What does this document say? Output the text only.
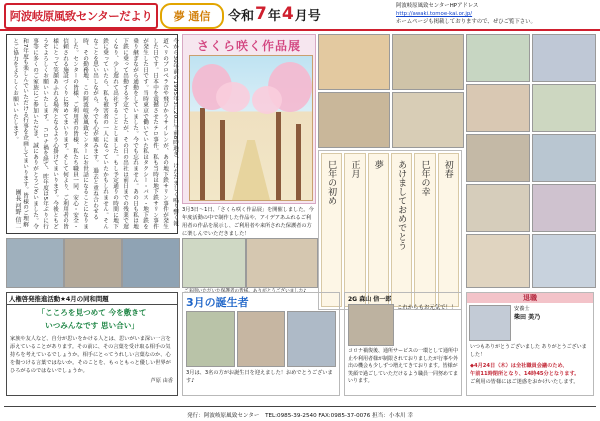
阿波岐原風致センターだより	夢 通信	令和 7 年 4 月号
阿波岐原風致センターHPアドレス
http://awaki.tomoe-kai.or.jp/
ホームページも掲載しておりますので、ぜひご覧下さい。
今から30年前の1995年3月20日午前8時過ぎ、けたたましく鳴り響く報道ヘリのプロペラ音や飛びかうサイレンが、あの地下鉄サリン事件が発生した日です。日本中を震撼させたテロ事件。私も当時は地下鉄サリン事件が発生した日です。当時東京で働いていた私はタクシー・バス・地下鉄を乗り継ぎながら通勤をしていました。今でも忘れません。あの日も私は地下鉄に乗って出勤する予定でしたが、その日の出社は前日までの残業で遅くなり、少し遅れて出社することとしました。もし予定通りの時間に地下鉄に乗っていたら、私も被害者の一人になっていたかもしれません。そんなことを思い出しながら、今でも心が痛みます。 過去と重ね合わせる時、その勤務地、この阿波岐原風致センターにお世話になることになりました。センターの皆様、ご利用者の皆様、私たち職員一同、安心・安全・信頼される施設づくりに努めてまいります。そして何より、ご利用者の皆様にとって笑顔あふれる場所となるよう心掛けてまいります。今後ともどうぞよろしくお願いいたします。 コロナ禍を経て、昨年度は5年ぶりに行事等に多くのご家族にご参加いただき、誠にありがとうございました。令和7年度も楽しんでいただける行事を企画してまいります。皆様のご理解とご協力をよろしくお願いいたします。
園長 河野 信二
さくら咲く作品展
3月3日～1日、「さくら咲く作品展」を開催しました。今年度活動の中で制作した作品や、アイデアあふれるご利用者の作品を展示し、ご利用者や来所された保護者の方に楽しんでいただきました！
巳年の初め 正月 夢 あけましておめでとう 巳年の幸 初春
ご来園いただいた保護者の皆様、ありがとうございました♪
人権啓発推進活動★4月の同和問題
「こころを見つめて 今を敷きて
いつみんなです 思い合い」
家族や友人など、自分が思いをかける人とは、思いがいま深い一言を添えていることがあります。その前に、その言葉を受け取る相手の気持ちを考えているでしょうか。相手にとってうれしい言葉なのか、心を傷つける言葉ではないか。そのことを、もっともっと優しい世界がひろがるのではないでしょうか。
芦原 由香
3月の誕生者
3月は、3名の方がお誕生日を迎えました！おめでとうございます♪
2G 森山 信一郎
これからもお元気で！！
コロナ禍復後、通所サービスの一環として通所中止や利用者様が制限されておりましたが行事や外出の機会も少しずつ増えてきております。皆様が笑顔で過ごしていただけるよう職員一同努めてまいります。
退職
安養士
柴田 美乃
いつもありがとうございました ありがとうございました！
◆4月24日（木）は全社職員会議のため、
午前11時閉所となり、14時45分となります。
ご利用の皆様にはご迷惑をおかけいたします。
発行：阿波岐原風致センター　TEL:0985-39-2540 FAX:0985-37-0076 担当：小本川 幸
